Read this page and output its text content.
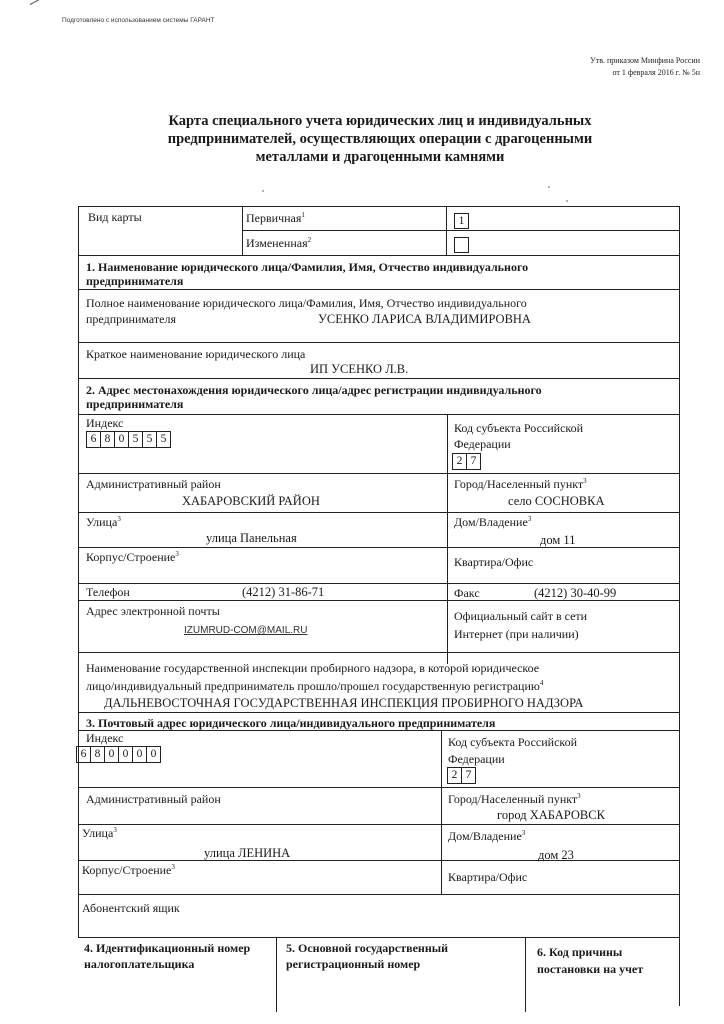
Подготовлено с использованием системы ГАРАНТ
Утв. приказом Минфина России
от 1 февраля 2016 г. № 5н
Карта специального учета юридических лиц и индивидуальных
предпринимателей, осуществляющих операции с драгоценными
металлами и драгоценными камнями
Вид карты	Первичная$^1$	1
Измененная$^2$
1. Наименование юридического лица/Фамилия, Имя, Отчество индивидуального
предпринимателя
Полное наименование юридического лица/Фамилия, Имя, Отчество индивидуального
предпринимателя	УСЕНКО ЛАРИСА ВЛАДИМИРОВНА
Краткое наименование юридического лица
ИП УСЕНКО Л.В.
2. Адрес местонахождения юридического лица/адрес регистрации индивидуального
предпринимателя
Индекс
6 8 0 5 5 5
Код субъекта Российской
Федерации
2 7
Административный район
ХАБАРОВСКИЙ РАЙОН
Город/Населенный пункт$^3$
село СОСНОВКА
Улица$^3$
улица Панельная
Дом/Владение$^3$
дом 11
Корпус/Строение$^3$
Квартира/Офис
Телефон	(4212) 31-86-71	Факс	(4212) 30-40-99
Адрес электронной почты
IZUMRUD-COM@MAIL.RU
Официальный сайт в сети
Интернет (при наличии)
Наименование государственной инспекции пробирного надзора, в которой юридическое
лицо/индивидуальный предприниматель прошло/прошел государственную регистрацию$^4$
ДАЛЬНЕВОСТОЧНАЯ ГОСУДАРСТВЕННАЯ ИНСПЕКЦИЯ ПРОБИРНОГО НАДЗОРА
3. Почтовый адрес юридического лица/индивидуального предпринимателя
Индекс
6 8 0 0 0 0
Код субъекта Российской
Федерации
2 7
Административный район	Город/Населенный пункт$^3$
город ХАБАРОВСК
Улица$^3$
улица ЛЕНИНА
Дом/Владение$^3$
дом 23
Корпус/Строение$^3$
Квартира/Офис
Абонентский ящик
4. Идентификационный номер
налогоплательщика
5. Основной государственный
регистрационный номер
6. Код причины
постановки на учет
